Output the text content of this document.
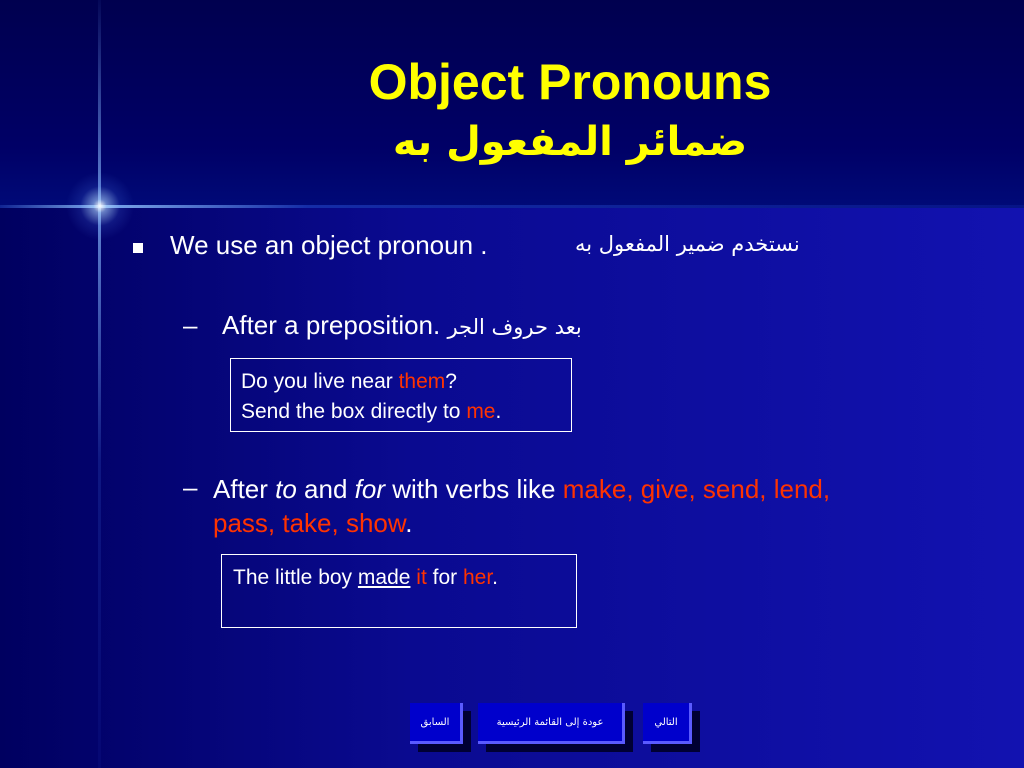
Object Pronouns
ضمائر المفعول به
We use an object pronoun .	نستخدم ضمير المفعول به
– After a preposition. بعد حروف الجر
Do you live near them?
Send the box directly to me.
– After to and for with verbs like make, give, send, lend,
pass, take, show.
The little boy made it for her.
السابق	عودة إلى القائمة الرئيسية	التالي
